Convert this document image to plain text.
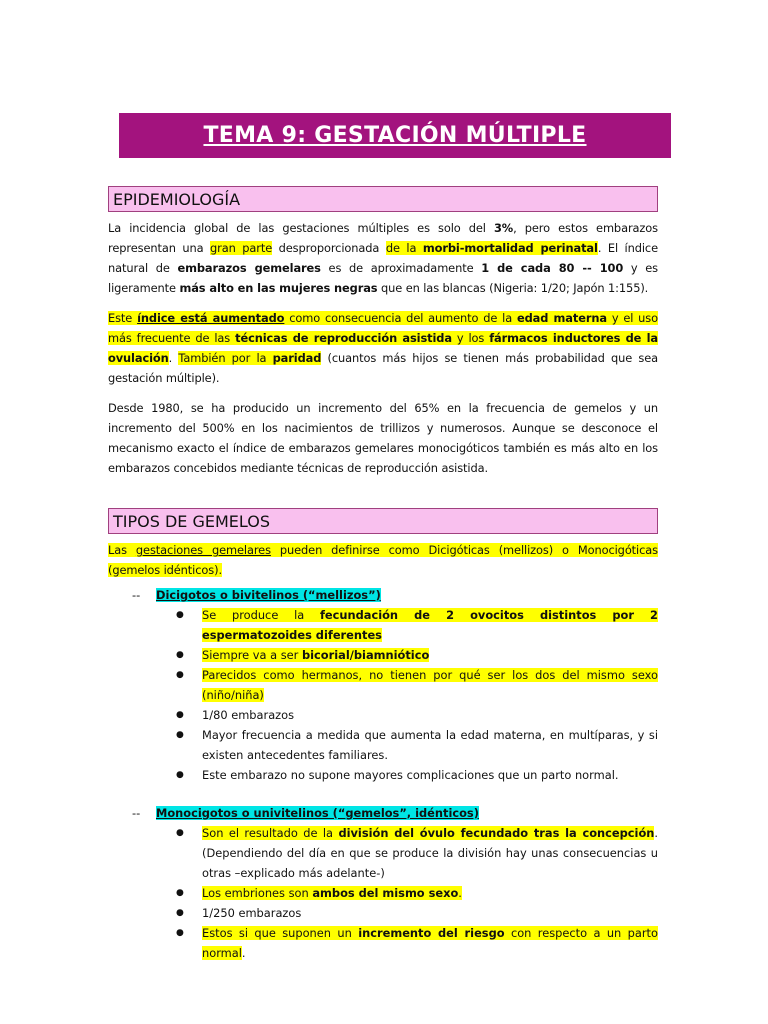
TEMA 9: GESTACIÓN MÚLTIPLE
EPIDEMIOLOGÍA
La incidencia global de las gestaciones múltiples es solo del 3%, pero estos embarazos representan una gran parte desproporcionada de la morbi-mortalidad perinatal. El índice natural de embarazos gemelares es de aproximadamente 1 de cada 80 -- 100 y es ligeramente más alto en las mujeres negras que en las blancas (Nigeria: 1/20; Japón 1:155).
Este índice está aumentado como consecuencia del aumento de la edad materna y el uso más frecuente de las técnicas de reproducción asistida y los fármacos inductores de la ovulación. También por la paridad (cuantos más hijos se tienen más probabilidad que sea gestación múltiple).
Desde 1980, se ha producido un incremento del 65% en la frecuencia de gemelos y un incremento del 500% en los nacimientos de trillizos y numerosos. Aunque se desconoce el mecanismo exacto el índice de embarazos gemelares monocigóticos también es más alto en los embarazos concebidos mediante técnicas de reproducción asistida.
TIPOS DE GEMELOS
Las gestaciones gemelares pueden definirse como Dicigóticas (mellizos) o Monocigóticas (gemelos idénticos).
-- Dicigotos o bivitelinos (“mellizos”)
● Se produce la fecundación de 2 ovocitos distintos por 2 espermatozoides diferentes
● Siempre va a ser bicorial/biamniótico
● Parecidos como hermanos, no tienen por qué ser los dos del mismo sexo (niño/niña)
● 1/80 embarazos
● Mayor frecuencia a medida que aumenta la edad materna, en multíparas, y si existen antecedentes familiares.
● Este embarazo no supone mayores complicaciones que un parto normal.
-- Monocigotos o univitelinos (“gemelos”, idénticos)
● Son el resultado de la división del óvulo fecundado tras la concepción. (Dependiendo del día en que se produce la división hay unas consecuencias u otras –explicado más adelante-)
● Los embriones son ambos del mismo sexo.
● 1/250 embarazos
● Estos si que suponen un incremento del riesgo con respecto a un parto normal.
